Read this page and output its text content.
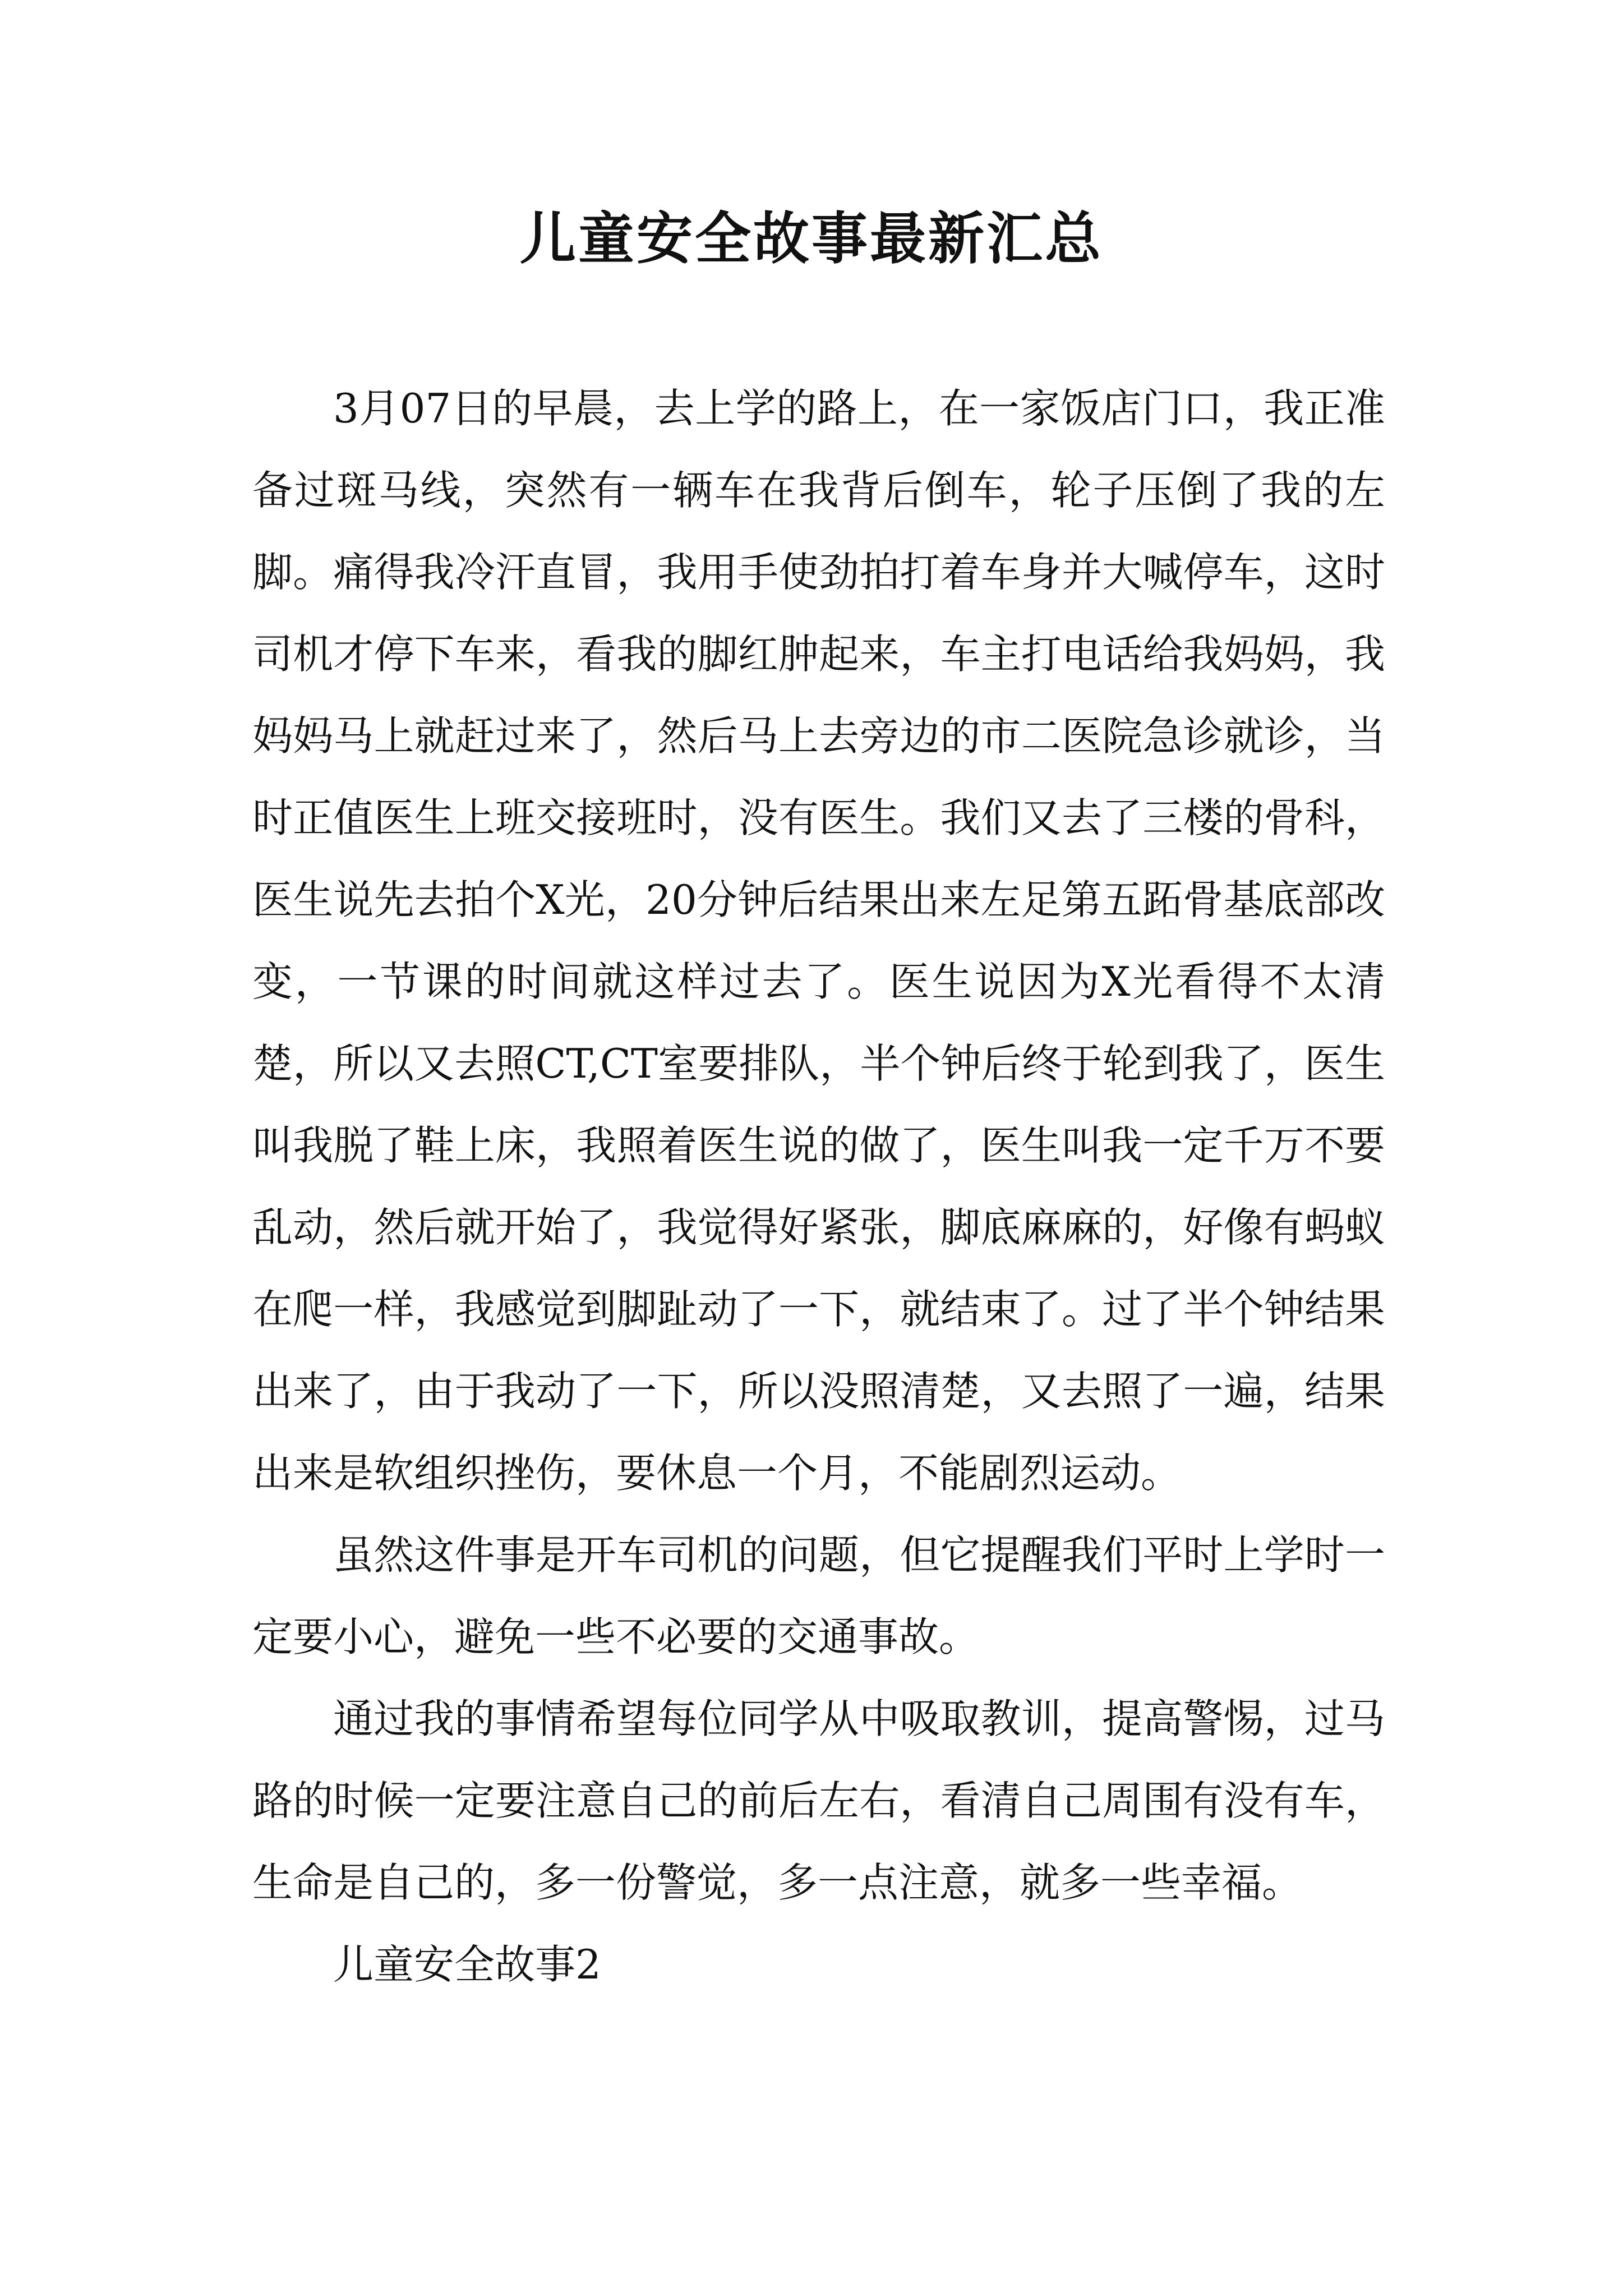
儿童安全故事最新汇总

3月07日的早晨，去上学的路上，在一家饭店门口，我正准备过斑马线，突然有一辆车在我背后倒车，轮子压倒了我的左脚。痛得我冷汗直冒，我用手使劲拍打着车身并大喊停车，这时司机才停下车来，看我的脚红肿起来，车主打电话给我妈妈，我妈妈马上就赶过来了，然后马上去旁边的市二医院急诊就诊，当时正值医生上班交接班时，没有医生。我们又去了三楼的骨科，医生说先去拍个X光，20分钟后结果出来左足第五跖骨基底部改变，一节课的时间就这样过去了。医生说因为X光看得不太清楚，所以又去照CT,CT室要排队，半个钟后终于轮到我了，医生叫我脱了鞋上床，我照着医生说的做了，医生叫我一定千万不要乱动，然后就开始了，我觉得好紧张，脚底麻麻的，好像有蚂蚁在爬一样，我感觉到脚趾动了一下，就结束了。过了半个钟结果出来了，由于我动了一下，所以没照清楚，又去照了一遍，结果出来是软组织挫伤，要休息一个月，不能剧烈运动。

虽然这件事是开车司机的问题，但它提醒我们平时上学时一定要小心，避免一些不必要的交通事故。

通过我的事情希望每位同学从中吸取教训，提高警惕，过马路的时候一定要注意自己的前后左右，看清自己周围有没有车，生命是自己的，多一份警觉，多一点注意，就多一些幸福。

儿童安全故事2
